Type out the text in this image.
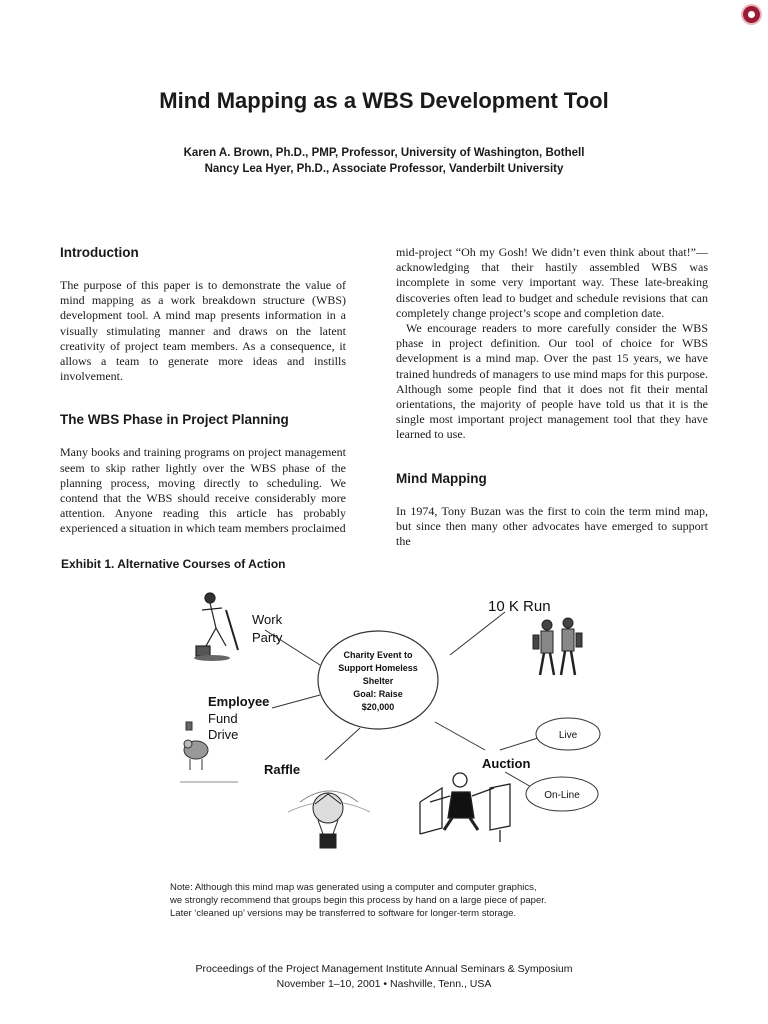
Mind Mapping as a WBS Development Tool
Karen A. Brown, Ph.D., PMP, Professor, University of Washington, Bothell
Nancy Lea Hyer, Ph.D., Associate Professor, Vanderbilt University
Introduction

The purpose of this paper is to demonstrate the value of mind mapping as a work breakdown structure (WBS) development tool. A mind map presents information in a visually stimulating manner and draws on the latent creativity of project team members. As a consequence, it allows a team to generate more ideas and instills involvement.

The WBS Phase in Project Planning

Many books and training programs on project management seem to skip rather lightly over the WBS phase of the planning process, moving directly to scheduling. We contend that the WBS should receive considerably more attention. Anyone reading this article has probably experienced a situation in which team members proclaimed

mid-project “Oh my Gosh! We didn’t even think about that!”—acknowledging that their hastily assembled WBS was incomplete in some very important way. These late-breaking discoveries often lead to budget and schedule revisions that can completely change project’s scope and completion date.

We encourage readers to more carefully consider the WBS phase in project definition. Our tool of choice for WBS development is a mind map. Over the past 15 years, we have trained hundreds of managers to use mind maps for this purpose. Although some people find that it does not fit their mental orientations, the majority of people have told us that it is the single most important project management tool that they have learned to use.

Mind Mapping

In 1974, Tony Buzan was the first to coin the term mind map, but since then many other advocates have emerged to support the

Exhibit 1. Alternative Courses of Action
Charity Event to
Support Homeless
Shelter
Goal: Raise
$20,000
Work
Party
10 K Run
Employee
Fund
Drive
Raffle	Auction
Live
On-Line
Note: Although this mind map was generated using a computer and computer graphics,
we strongly recommend that groups begin this process by hand on a large piece of paper.
Later ‘cleaned up’ versions may be transferred to software for longer-term storage.
Proceedings of the Project Management Institute Annual Seminars & Symposium
November 1–10, 2001 • Nashville, Tenn., USA
